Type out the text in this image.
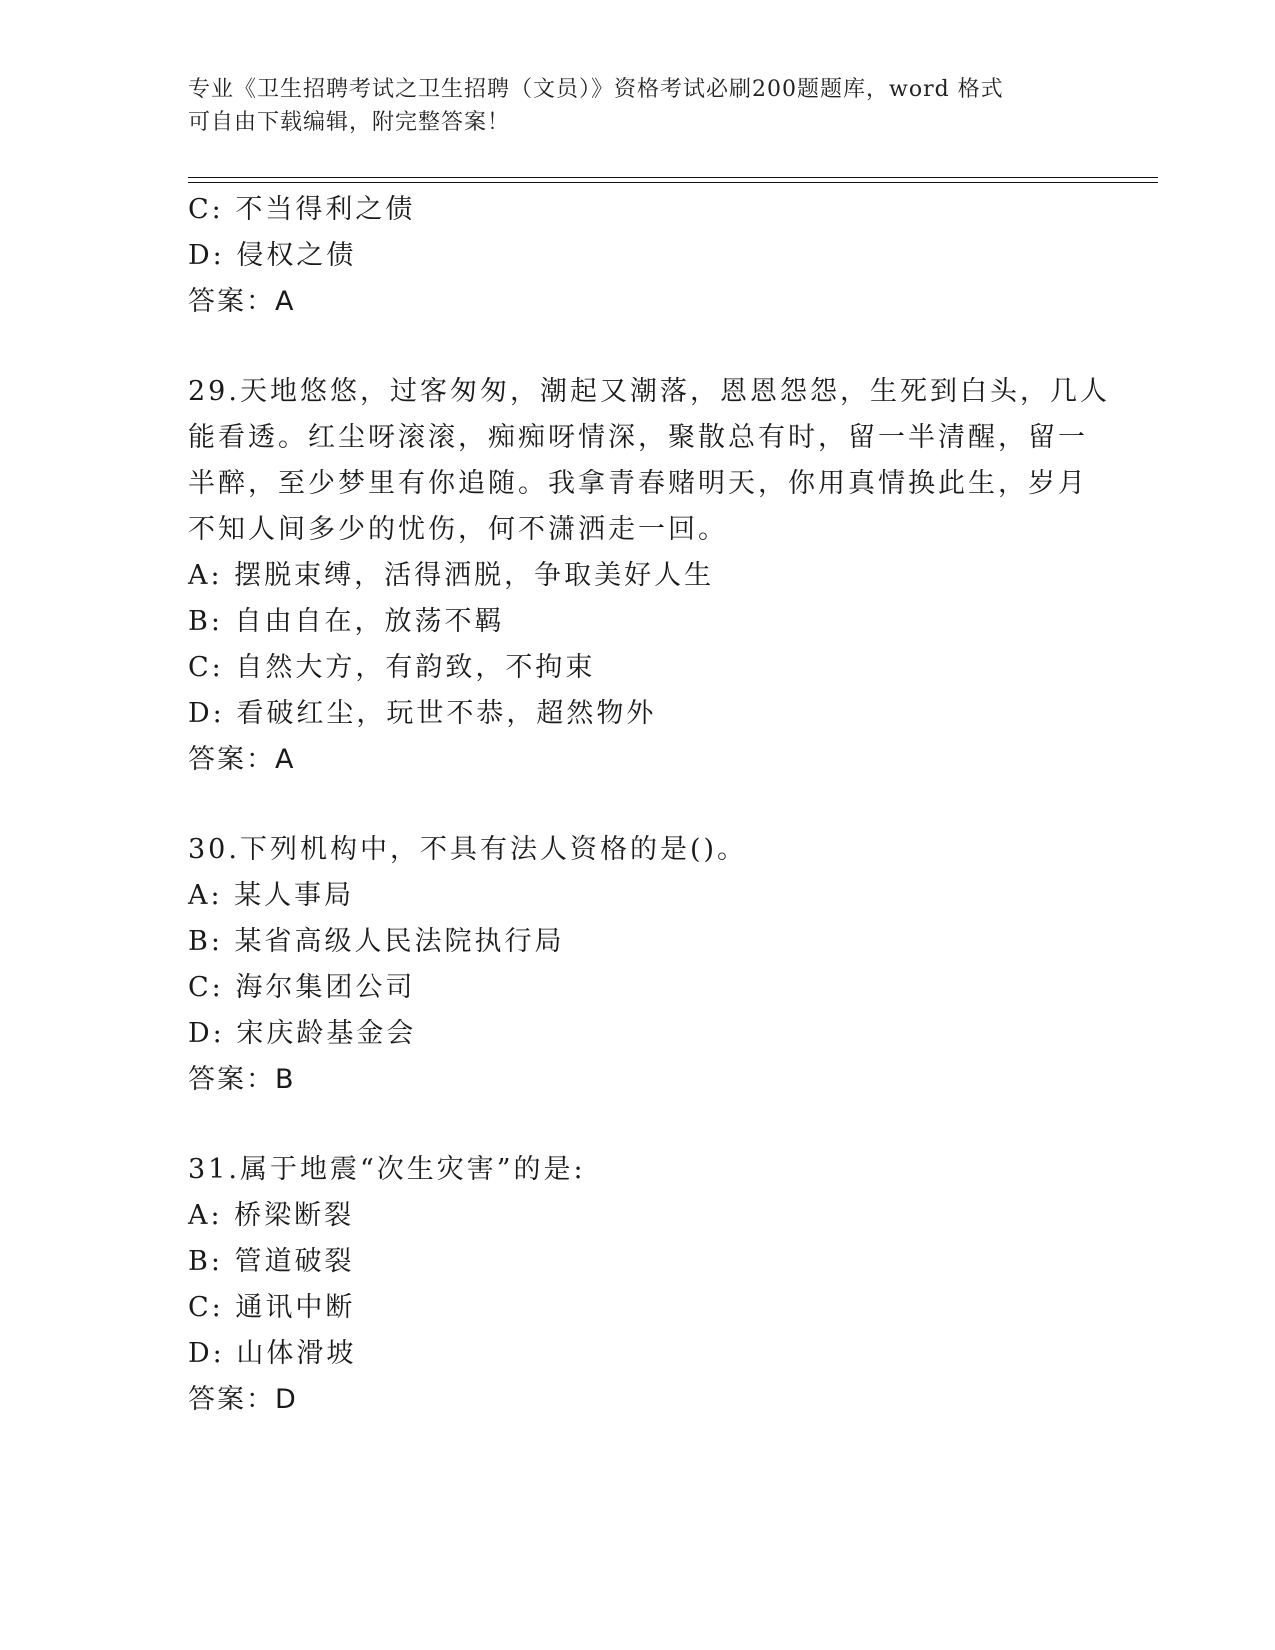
专业《卫生招聘考试之卫生招聘（文员）》资格考试必刷200题题库，word 格式
可自由下载编辑，附完整答案！
C: 不当得利之债
D: 侵权之债
答案：A
29.天地悠悠，过客匆匆，潮起又潮落，恩恩怨怨，生死到白头，几人
能看透。红尘呀滚滚，痴痴呀情深，聚散总有时，留一半清醒，留一
半醉，至少梦里有你追随。我拿青春赌明天，你用真情换此生，岁月
不知人间多少的忧伤，何不潇洒走一回。
A: 摆脱束缚，活得洒脱，争取美好人生
B: 自由自在，放荡不羁
C: 自然大方，有韵致，不拘束
D: 看破红尘，玩世不恭，超然物外
答案：A
30.下列机构中，不具有法人资格的是()。
A: 某人事局
B: 某省高级人民法院执行局
C: 海尔集团公司
D: 宋庆龄基金会
答案：B
31.属于地震“次生灾害”的是:
A: 桥梁断裂
B: 管道破裂
C: 通讯中断
D: 山体滑坡
答案：D
